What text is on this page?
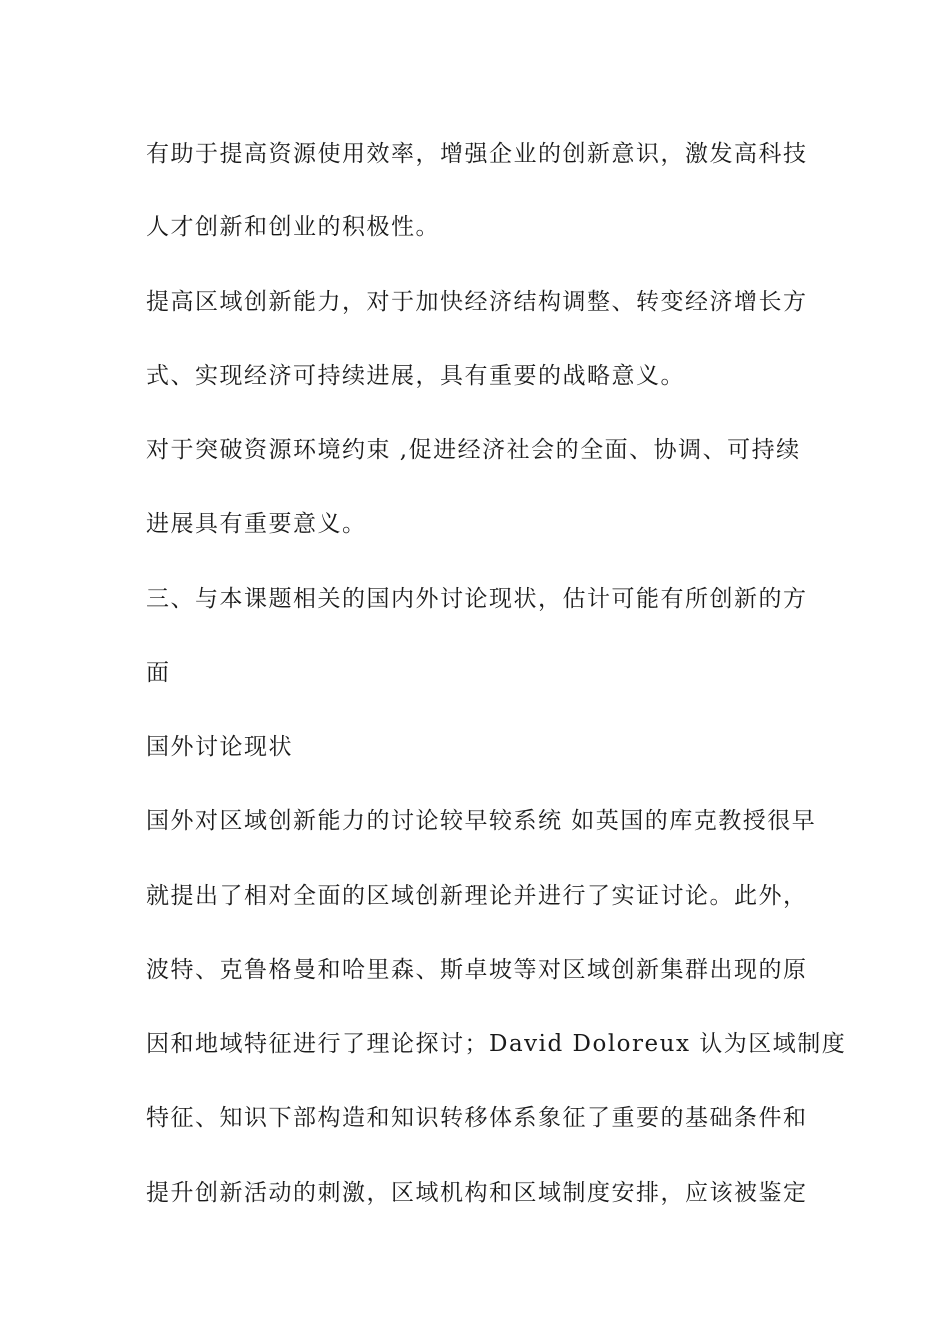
有助于提高资源使用效率，增强企业的创新意识，激发高科技
人才创新和创业的积极性。
提高区域创新能力，对于加快经济结构调整、转变经济增长方
式、实现经济可持续进展，具有重要的战略意义。
对于突破资源环境约束 ,促进经济社会的全面、协调、可持续
进展具有重要意义。
三、与本课题相关的国内外讨论现状，估计可能有所创新的方
面
国外讨论现状
国外对区域创新能力的讨论较早较系统 如英国的库克教授很早
就提出了相对全面的区域创新理论并进行了实证讨论。此外，
波特、克鲁格曼和哈里森、斯卓坡等对区域创新集群出现的原
因和地域特征进行了理论探讨；David Doloreux 认为区域制度
特征、知识下部构造和知识转移体系象征了重要的基础条件和
提升创新活动的刺激，区域机构和区域制度安排，应该被鉴定
